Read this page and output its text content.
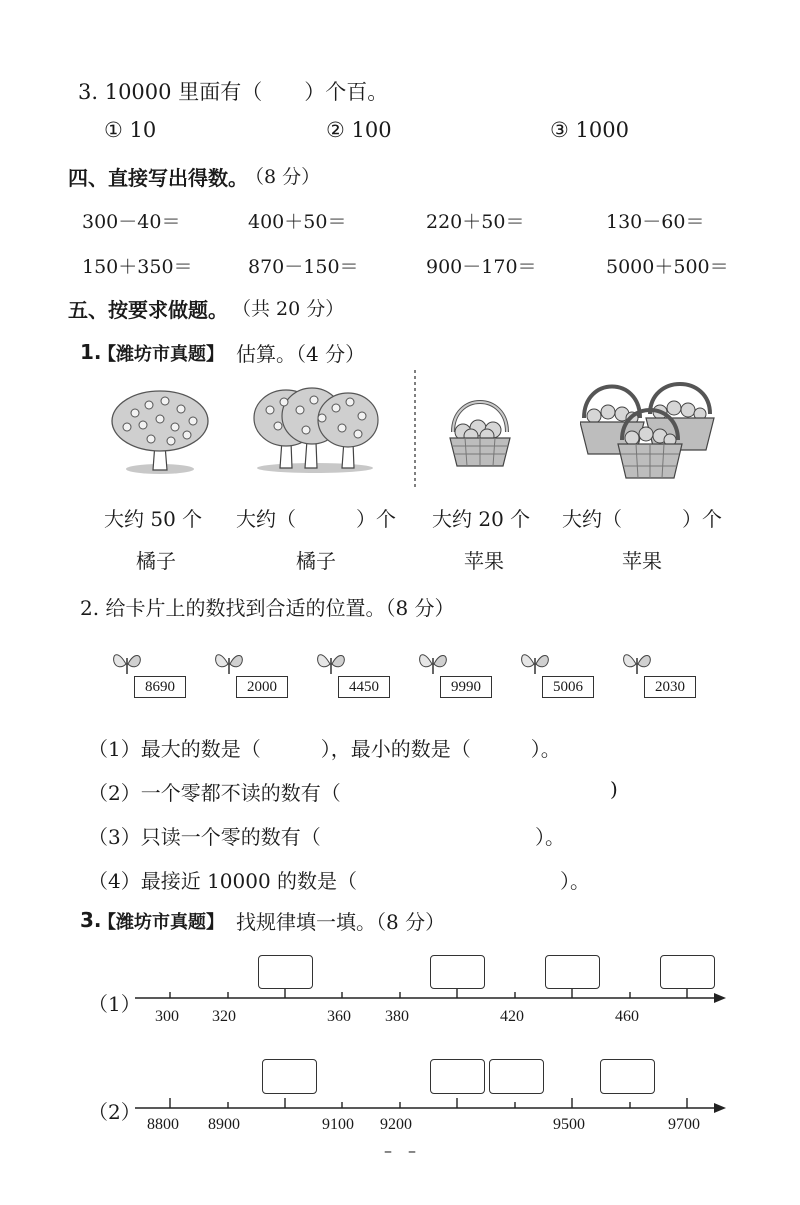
3. 10000 里面有（　　）个百。
① 10	② 100	③ 1000
四、直接写出得数。
（8 分）
300－40＝	400＋50＝	220＋50＝	130－60＝
150＋350＝	870－150＝	900－170＝	5000＋500＝
五、按要求做题。 （共 20 分）
1.
【潍坊市真题】 估算。（4 分）
大约 50 个
橘子
大约（　　　）个
橘子
大约 20 个
苹果
大约（　　　）个
苹果
2. 给卡片上的数找到合适的位置。（8 分）
8690	2000	4450	9990	5006	2030
（1）最大的数是（　　　），最小的数是（　　　）。
（2）一个零都不读的数有（	)
（3）只读一个零的数有（	）。
（4）最接近 10000 的数是（	）。
3.
【潍坊市真题】 找规律填一填。（8 分）
（1）
300 320	360 380	420	460
（2）
8800 8900	9100 9200	9500	9700
–　–
